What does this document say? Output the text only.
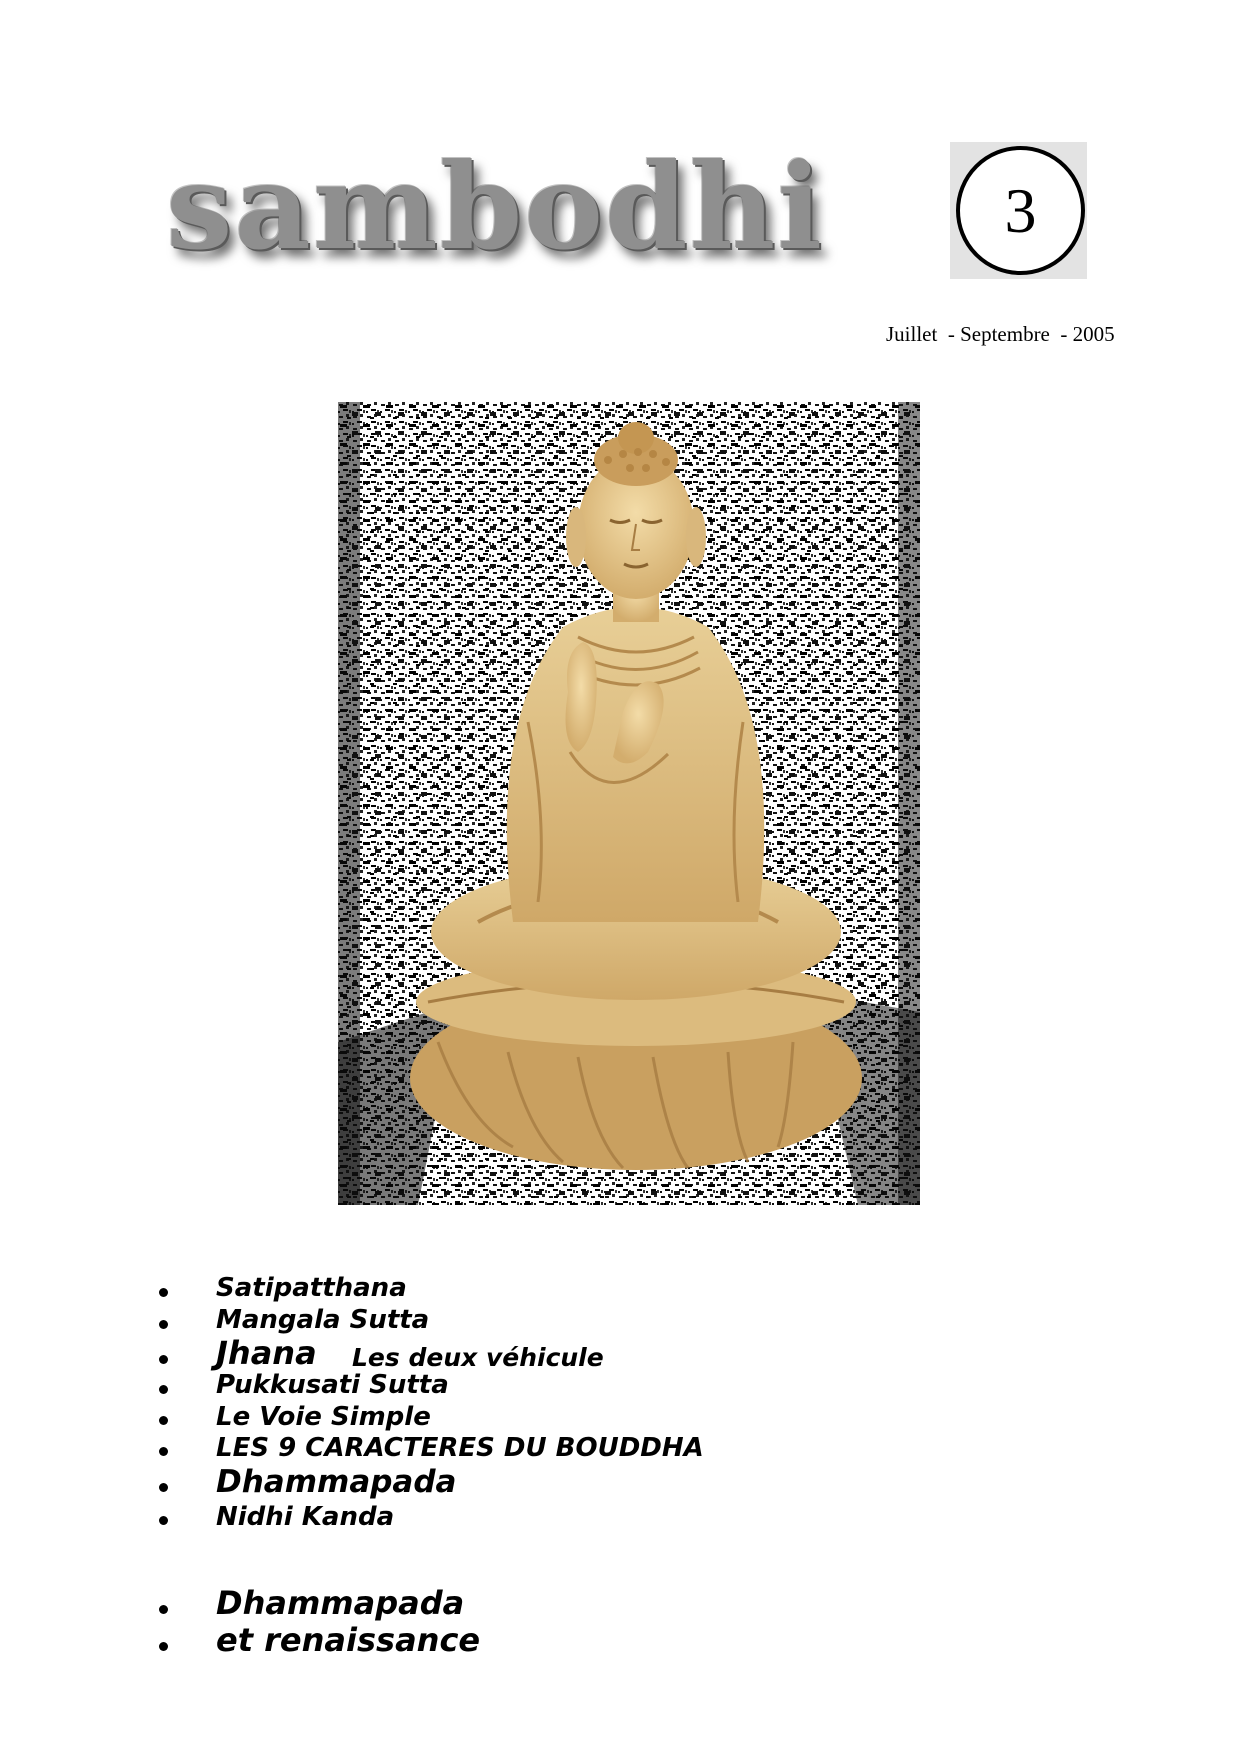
sambodhi	3
Juillet  - Septembre  - 2005
Satipatthana
Mangala Sutta
Jhana Les deux véhicule
Pukkusati Sutta
Le Voie Simple
LES 9 CARACTERES DU BOUDDHA
Dhammapada
Nidhi Kanda
Dhammapada
et renaissance
